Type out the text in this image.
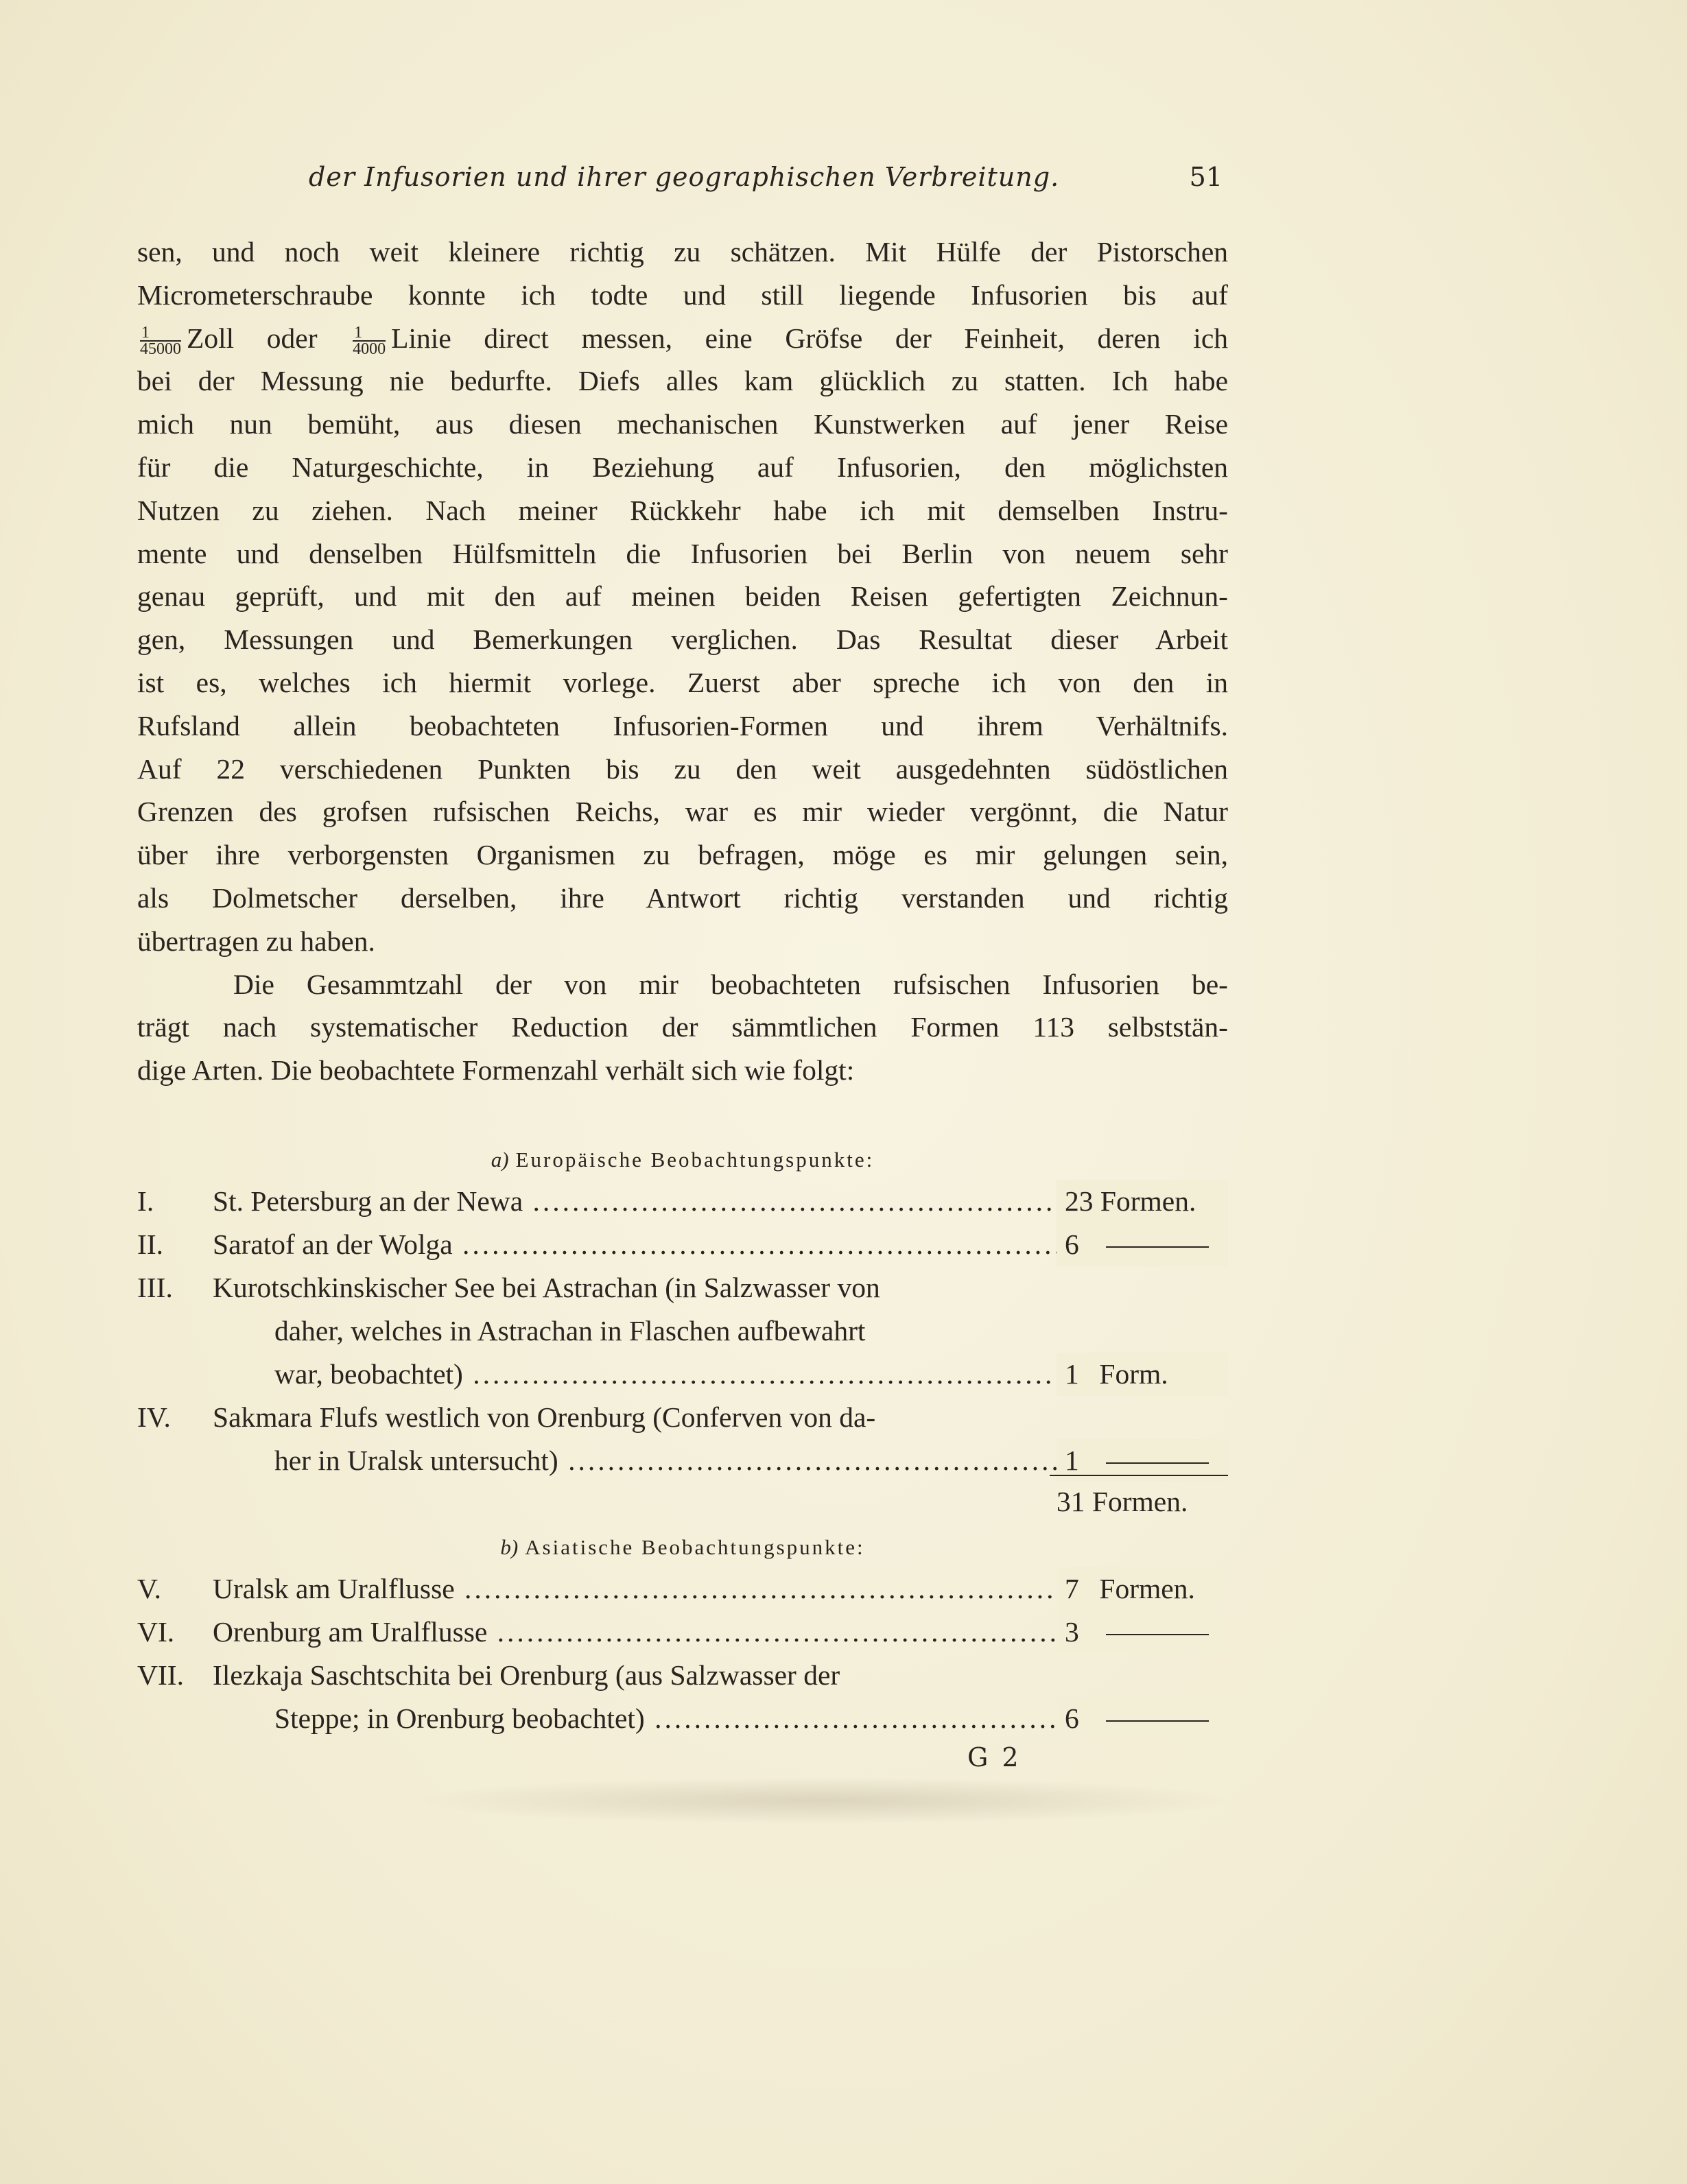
der Infusorien und ihrer geographischen Verbreitung.	51

sen, und noch weit kleinere richtig zu schätzen. Mit Hülfe der Pistorschen
Micrometerschraube konnte ich todte und still liegende Infusorien bis auf
$\frac{1}{45000}$ Zoll oder $\frac{1}{4000}$ Linie direct messen, eine Gröfse der Feinheit, deren ich
bei der Messung nie bedurfte. Diefs alles kam glücklich zu statten. Ich habe
mich nun bemüht, aus diesen mechanischen Kunstwerken auf jener Reise
für die Naturgeschichte, in Beziehung auf Infusorien, den möglichsten
Nutzen zu ziehen. Nach meiner Rückkehr habe ich mit demselben Instru-
mente und denselben Hülfsmitteln die Infusorien bei Berlin von neuem sehr
genau geprüft, und mit den auf meinen beiden Reisen gefertigten Zeichnun-
gen, Messungen und Bemerkungen verglichen. Das Resultat dieser Arbeit
ist es, welches ich hiermit vorlege. Zuerst aber spreche ich von den in
Rufsland allein beobachteten Infusorien-Formen und ihrem Verhältnifs.
Auf 22 verschiedenen Punkten bis zu den weit ausgedehnten südöstlichen
Grenzen des grofsen rufsischen Reichs, war es mir wieder vergönnt, die Natur
über ihre verborgensten Organismen zu befragen, möge es mir gelungen sein,
als Dolmetscher derselben, ihre Antwort richtig verstanden und richtig
übertragen zu haben.

Die Gesammtzahl der von mir beobachteten rufsischen Infusorien be-
trägt nach systematischer Reduction der sämmtlichen Formen 113 selbststän-
dige Arten. Die beobachtete Formenzahl verhält sich wie folgt:

a) Europäische Beobachtungspunkte:
I.	St. Petersburg an der Newa .....	23 Formen.
II.	Saratof an der Wolga .....	6
III.	Kurotschkinskischer See bei Astrachan (in Salzwasser von
daher, welches in Astrachan in Flaschen aufbewahrt
war, beobachtet) .....	1 Form.
IV.	Sakmara Flufs westlich von Orenburg (Conferven von da-
her in Uralsk untersucht) .....	1
31 Formen.
b) Asiatische Beobachtungspunkte:
V.	Uralsk am Uralflusse .....	7 Formen.
VI.	Orenburg am Uralflusse .....	3
VII.	Ilezkaja Saschtschita bei Orenburg (aus Salzwasser der
Steppe; in Orenburg beobachtet) .....	6
G 2
